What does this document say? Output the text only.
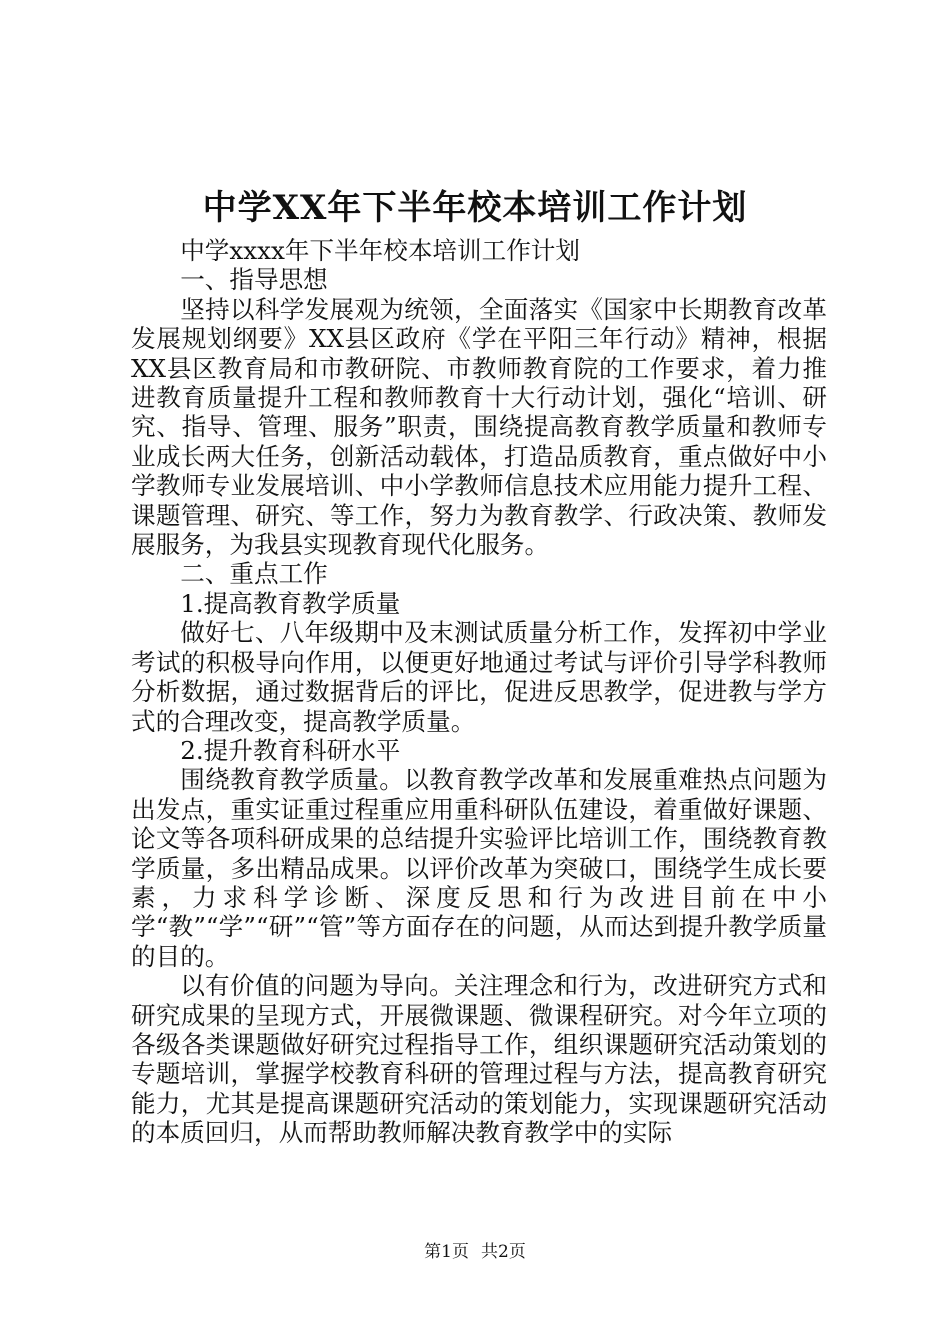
中学XX年下半年校本培训工作计划

中学xxxx年下半年校本培训工作计划

一、指导思想

坚持以科学发展观为统领，全面落实《国家中长期教育改革发展规划纲要》XX县区政府《学在平阳三年行动》精神，根据XX县区教育局和市教研院、市教师教育院的工作要求，着力推进教育质量提升工程和教师教育十大行动计划，强化“培训、研究、指导、管理、服务”职责，围绕提高教育教学质量和教师专业成长两大任务，创新活动载体，打造品质教育，重点做好中小学教师专业发展培训、中小学教师信息技术应用能力提升工程、课题管理、研究、等工作，努力为教育教学、行政决策、教师发展服务，为我县实现教育现代化服务。

二、重点工作

1.提高教育教学质量

做好七、八年级期中及末测试质量分析工作，发挥初中学业考试的积极导向作用，以便更好地通过考试与评价引导学科教师分析数据，通过数据背后的评比，促进反思教学，促进教与学方式的合理改变，提高教学质量。

2.提升教育科研水平

围绕教育教学质量。以教育教学改革和发展重难热点问题为出发点，重实证重过程重应用重科研队伍建设，着重做好课题、论文等各项科研成果的总结提升实验评比培训工作，围绕教育教学质量，多出精品成果。以评价改革为突破口，围绕学生成长要素，力求科学诊断、深度反思和行为改进目前在中小学“教”“学”“研”“管”等方面存在的问题，从而达到提升教学质量的目的。

以有价值的问题为导向。关注理念和行为，改进研究方式和研究成果的呈现方式，开展微课题、微课程研究。对今年立项的各级各类课题做好研究过程指导工作，组织课题研究活动策划的专题培训，掌握学校教育科研的管理过程与方法，提高教育研究能力，尤其是提高课题研究活动的策划能力，实现课题研究活动的本质回归，从而帮助教师解决教育教学中的实际

第1页 共2页
